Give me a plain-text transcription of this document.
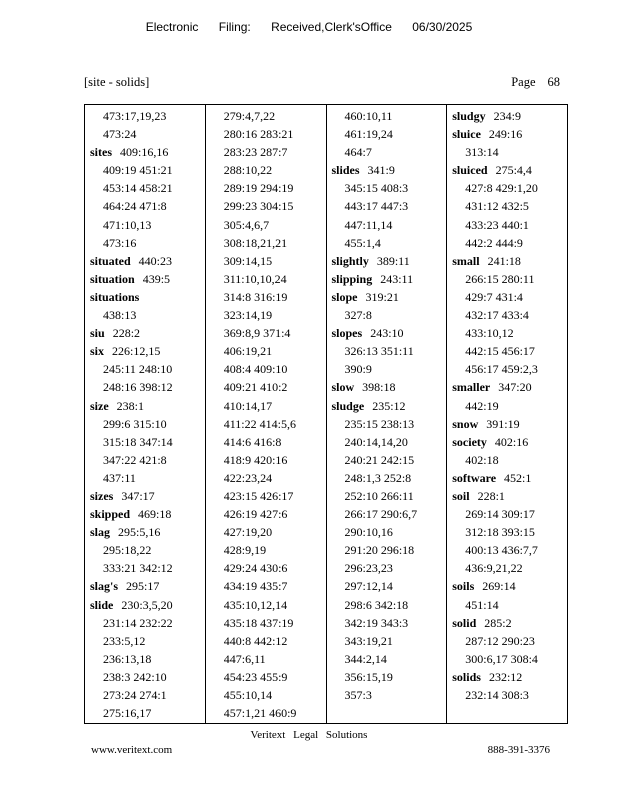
Electronic Filing: Received,Clerk'sOffice 06/30/2025
[site - solids]	Page 68
473:17,19,23
473:24
sites 409:16,16
409:19 451:21
453:14 458:21
464:24 471:8
471:10,13
473:16
situated 440:23
situation 439:5
situations
438:13
siu 228:2
six 226:12,15
245:11 248:10
248:16 398:12
size 238:1
299:6 315:10
315:18 347:14
347:22 421:8
437:11
sizes 347:17
skipped 469:18
slag 295:5,16
295:18,22
333:21 342:12
slag's 295:17
slide 230:3,5,20
231:14 232:22
233:5,12
236:13,18
238:3 242:10
273:24 274:1
275:16,17
279:4,7,22
280:16 283:21
283:23 287:7
288:10,22
289:19 294:19
299:23 304:15
305:4,6,7
308:18,21,21
309:14,15
311:10,10,24
314:8 316:19
323:14,19
369:8,9 371:4
406:19,21
408:4 409:10
409:21 410:2
410:14,17
411:22 414:5,6
414:6 416:8
418:9 420:16
422:23,24
423:15 426:17
426:19 427:6
427:19,20
428:9,19
429:24 430:6
434:19 435:7
435:10,12,14
435:18 437:19
440:8 442:12
447:6,11
454:23 455:9
455:10,14
457:1,21 460:9
460:10,11
461:19,24
464:7
slides 341:9
345:15 408:3
443:17 447:3
447:11,14
455:1,4
slightly 389:11
slipping 243:11
slope 319:21
327:8
slopes 243:10
326:13 351:11
390:9
slow 398:18
sludge 235:12
235:15 238:13
240:14,14,20
240:21 242:15
248:1,3 252:8
252:10 266:11
266:17 290:6,7
290:10,16
291:20 296:18
296:23,23
297:12,14
298:6 342:18
342:19 343:3
343:19,21
344:2,14
356:15,19
357:3
sludgy 234:9
sluice 249:16
313:14
sluiced 275:4,4
427:8 429:1,20
431:12 432:5
433:23 440:1
442:2 444:9
small 241:18
266:15 280:11
429:7 431:4
432:17 433:4
433:10,12
442:15 456:17
456:17 459:2,3
smaller 347:20
442:19
snow 391:19
society 402:16
402:18
software 452:1
soil 228:1
269:14 309:17
312:18 393:15
400:13 436:7,7
436:9,21,22
soils 269:14
451:14
solid 285:2
287:12 290:23
300:6,17 308:4
solids 232:12
232:14 308:3
Veritext Legal Solutions
www.veritext.com	888-391-3376
